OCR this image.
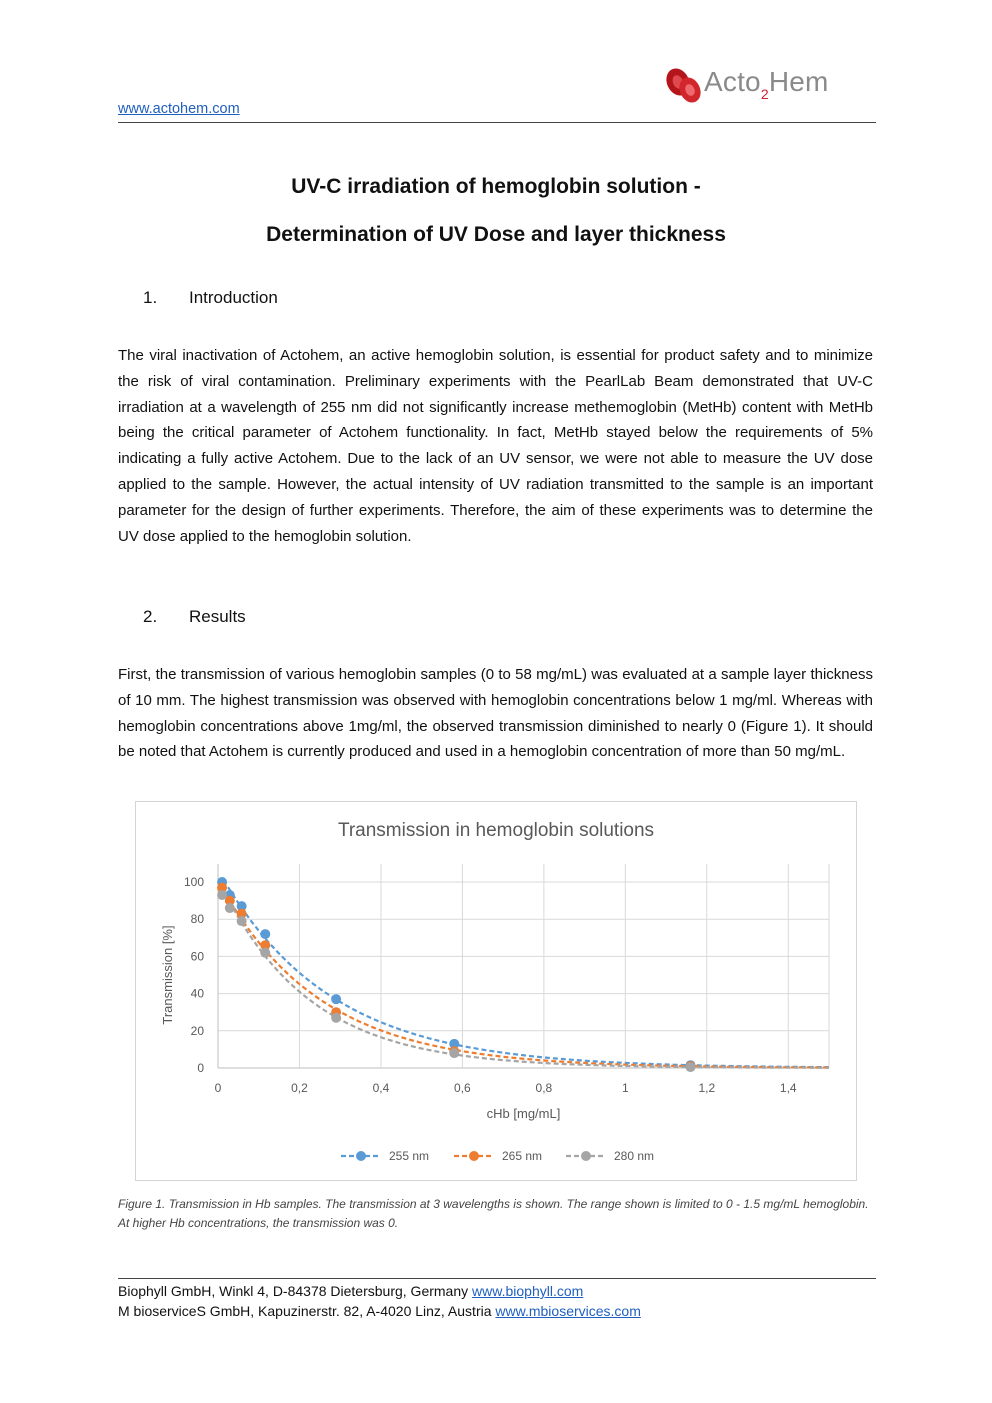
www.actohem.com
Acto$_2$Hem
UV-C irradiation of hemoglobin solution -
Determination of UV Dose and layer thickness
1. Introduction
The viral inactivation of Actohem, an active hemoglobin solution, is essential for product safety and to minimize the risk of viral contamination. Preliminary experiments with the PearlLab Beam demonstrated that UV-C irradiation at a wavelength of 255 nm did not significantly increase methemoglobin (MetHb) content with MetHb being the critical parameter of Actohem functionality. In fact, MetHb stayed below the requirements of 5% indicating a fully active Actohem. Due to the lack of an UV sensor, we were not able to measure the UV dose applied to the sample. However, the actual intensity of UV radiation transmitted to the sample is an important parameter for the design of further experiments. Therefore, the aim of these experiments was to determine the UV dose applied to the hemoglobin solution.
2. Results
First, the transmission of various hemoglobin samples (0 to 58 mg/mL) was evaluated at a sample layer thickness of 10 mm. The highest transmission was observed with hemoglobin concentrations below 1 mg/ml. Whereas with hemoglobin concentrations above 1mg/ml, the observed transmission diminished to nearly 0 (Figure 1). It should be noted that Actohem is currently produced and used in a hemoglobin concentration of more than 50 mg/mL.
Transmission in hemoglobin solutions
0
20
40
60
80
100
0	0,2	0,4	0,6	0,8	1	1,2	1,4
cHb [mg/mL]
Transmission [%]
255 nm	265 nm	280 nm
Figure 1. Transmission in Hb samples. The transmission at 3 wavelengths is shown. The range shown is limited to 0 - 1.5 mg/mL hemoglobin. At higher Hb concentrations, the transmission was 0.
Biophyll GmbH, Winkl 4, D-84378 Dietersburg, Germany www.biophyll.com
M bioserviceS GmbH, Kapuzinerstr. 82, A-4020 Linz, Austria www.mbioservices.com
